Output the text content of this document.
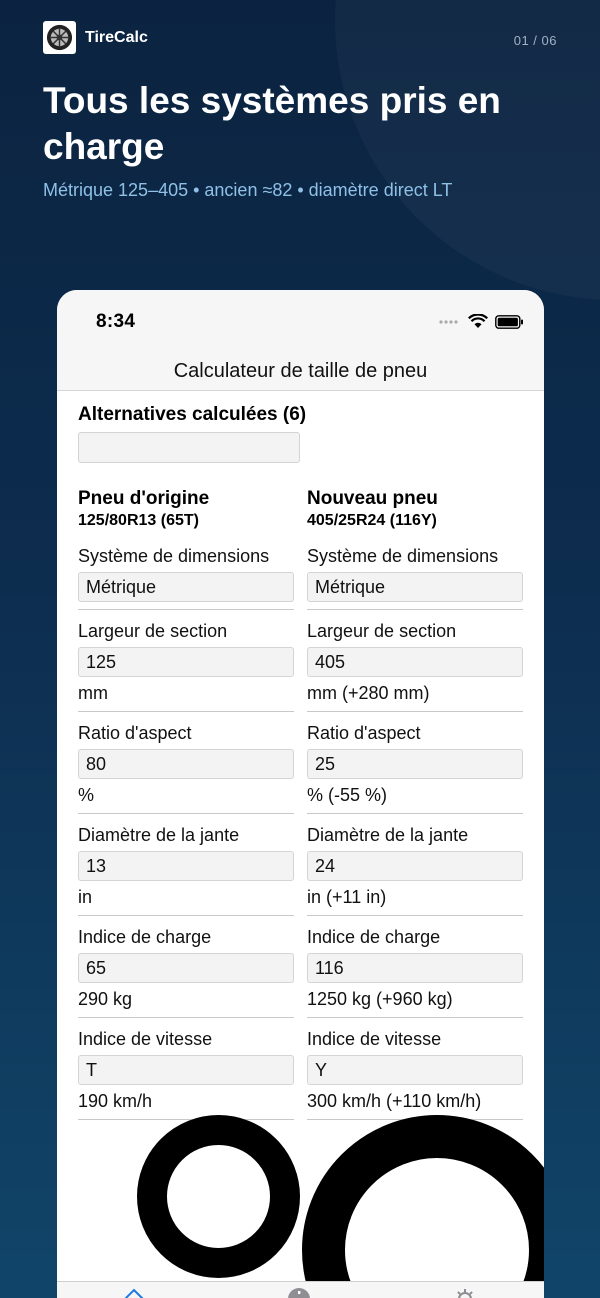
TireCalc	01 / 06
Tous les systèmes pris en charge
Métrique 125–405 • ancien ≈82 • diamètre direct LT
8:34
Calculateur de taille de pneu
Alternatives calculées (6)
Pneu d'origine
125/80R13 (65T)
Système de dimensions
Métrique
Largeur de section
125
mm
Ratio d'aspect
80
%
Diamètre de la jante
13
in
Indice de charge
65
290 kg
Indice de vitesse
T
190 km/h
Nouveau pneu
405/25R24 (116Y)
Système de dimensions
Métrique
Largeur de section
405
mm (+280 mm)
Ratio d'aspect
25
% (-55 %)
Diamètre de la jante
24
in (+11 in)
Indice de charge
116
1250 kg (+960 kg)
Indice de vitesse
Y
300 km/h (+110 km/h)
